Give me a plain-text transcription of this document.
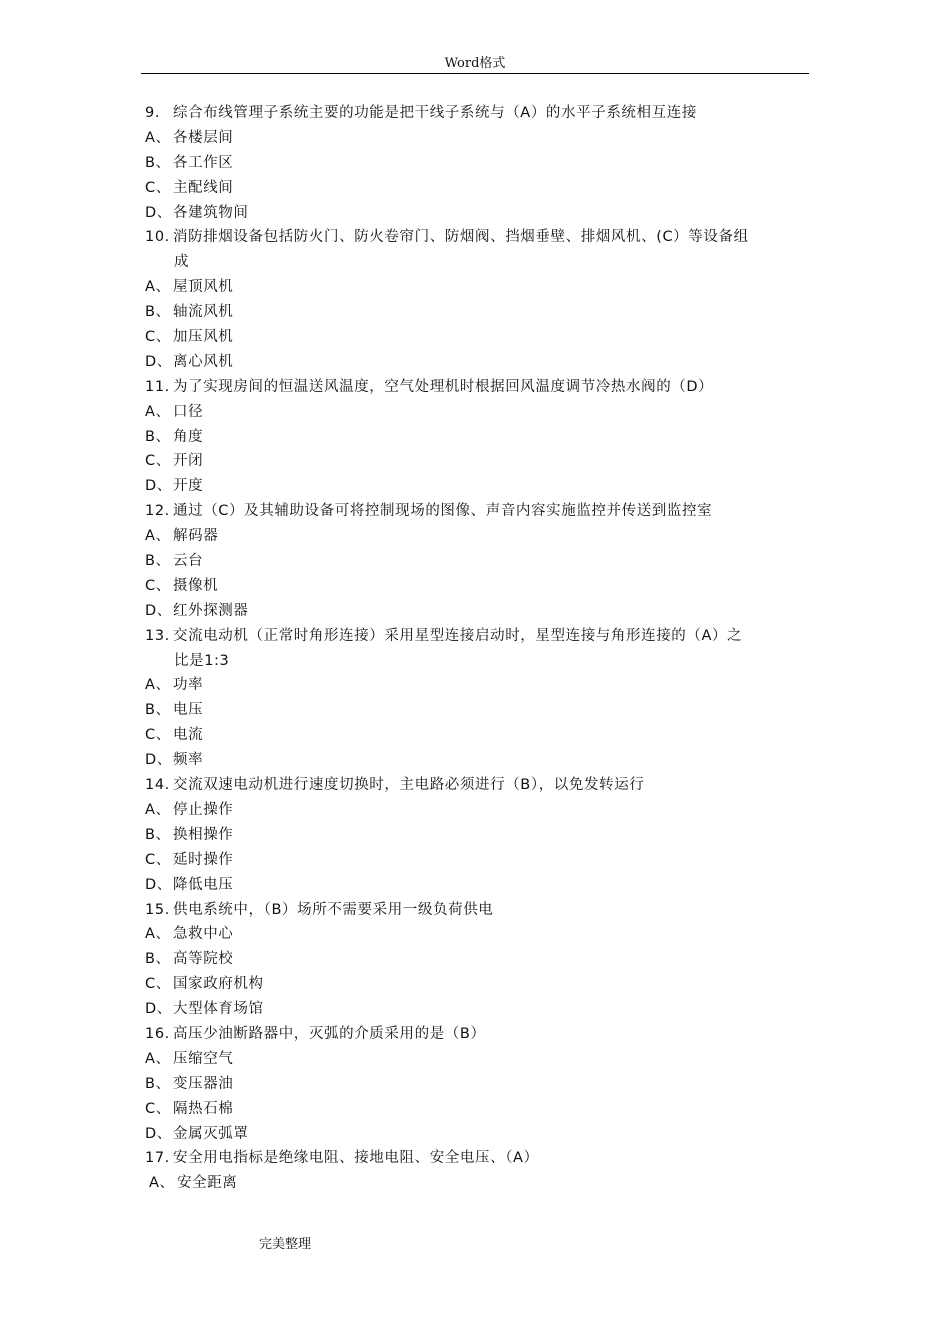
Word格式
9. 综合布线管理子系统主要的功能是把干线子系统与（A）的水平子系统相互连接
A、 各楼层间
B、 各工作区
C、 主配线间
D、各建筑物间
10. 消防排烟设备包括防火门、防火卷帘门、防烟阀、挡烟垂壁、排烟风机、(C）等设备组
成
A、 屋顶风机
B、 轴流风机
C、 加压风机
D、离心风机
11. 为了实现房间的恒温送风温度，空气处理机时根据回风温度调节冷热水阀的（D）
A、 口径
B、 角度
C、 开闭
D、开度
12. 通过（C）及其辅助设备可将控制现场的图像、声音内容实施监控并传送到监控室
A、 解码器
B、 云台
C、 摄像机
D、红外探测器
13. 交流电动机（正常时角形连接）采用星型连接启动时，星型连接与角形连接的（A）之
比是1:3
A、 功率
B、 电压
C、 电流
D、频率
14. 交流双速电动机进行速度切换时，主电路必须进行（B），以免发转运行
A、 停止操作
B、 换相操作
C、 延时操作
D、降低电压
15. 供电系统中，（B）场所不需要采用一级负荷供电
A、 急救中心
B、 高等院校
C、 国家政府机构
D、大型体育场馆
16. 高压少油断路器中，灭弧的介质采用的是（B）
A、 压缩空气
B、 变压器油
C、 隔热石棉
D、金属灭弧罩
17. 安全用电指标是绝缘电阻、接地电阻、安全电压、（A）
A、 安全距离
完美整理
